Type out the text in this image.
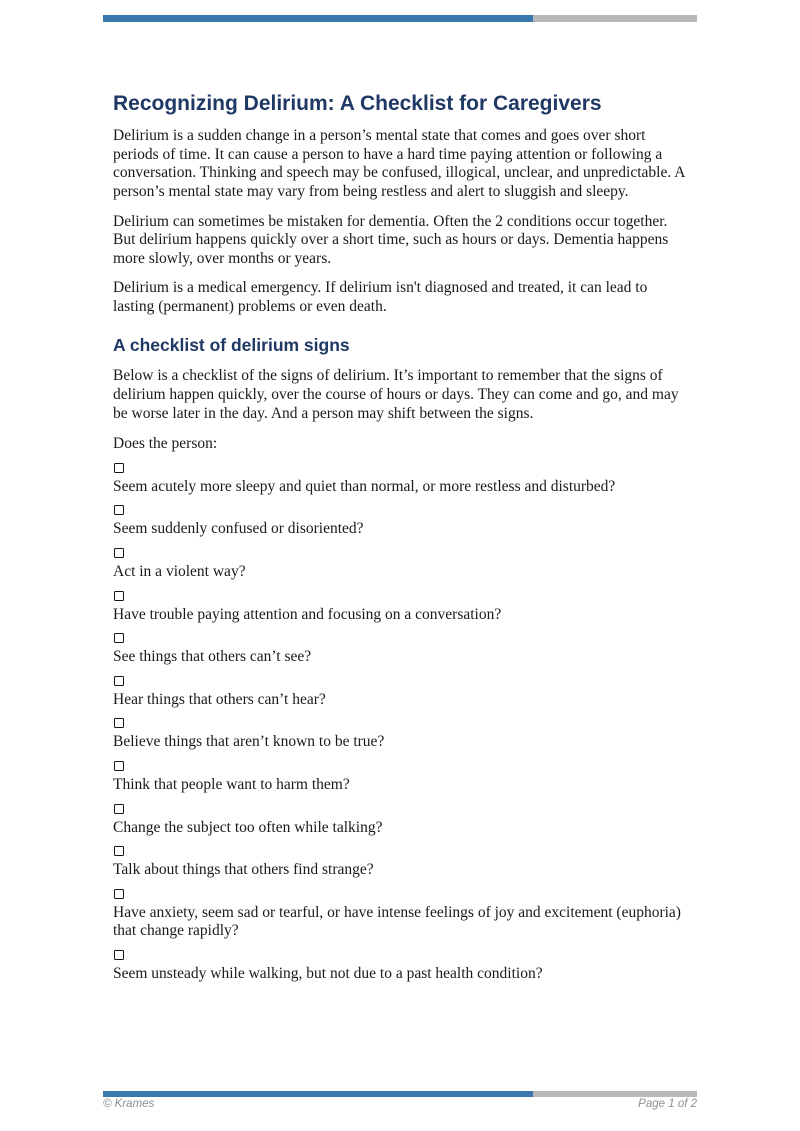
Recognizing Delirium: A Checklist for Caregivers

Delirium is a sudden change in a person’s mental state that comes and goes over short periods of time. It can cause a person to have a hard time paying attention or following a conversation. Thinking and speech may be confused, illogical, unclear, and unpredictable. A person’s mental state may vary from being restless and alert to sluggish and sleepy.

Delirium can sometimes be mistaken for dementia. Often the 2 conditions occur together. But delirium happens quickly over a short time, such as hours or days. Dementia happens more slowly, over months or years.

Delirium is a medical emergency. If delirium isn't diagnosed and treated, it can lead to lasting (permanent) problems or even death.

A checklist of delirium signs

Below is a checklist of the signs of delirium. It’s important to remember that the signs of delirium happen quickly, over the course of hours or days. They can come and go, and may be worse later in the day. And a person may shift between the signs.

Does the person:

Seem acutely more sleepy and quiet than normal, or more restless and disturbed?
Seem suddenly confused or disoriented?
Act in a violent way?
Have trouble paying attention and focusing on a conversation?
See things that others can’t see?
Hear things that others can’t hear?
Believe things that aren’t known to be true?
Think that people want to harm them?
Change the subject too often while talking?
Talk about things that others find strange?
Have anxiety, seem sad or tearful, or have intense feelings of joy and excitement (euphoria) that change rapidly?
Seem unsteady while walking, but not due to a past health condition?
© Krames	Page 1 of 2
